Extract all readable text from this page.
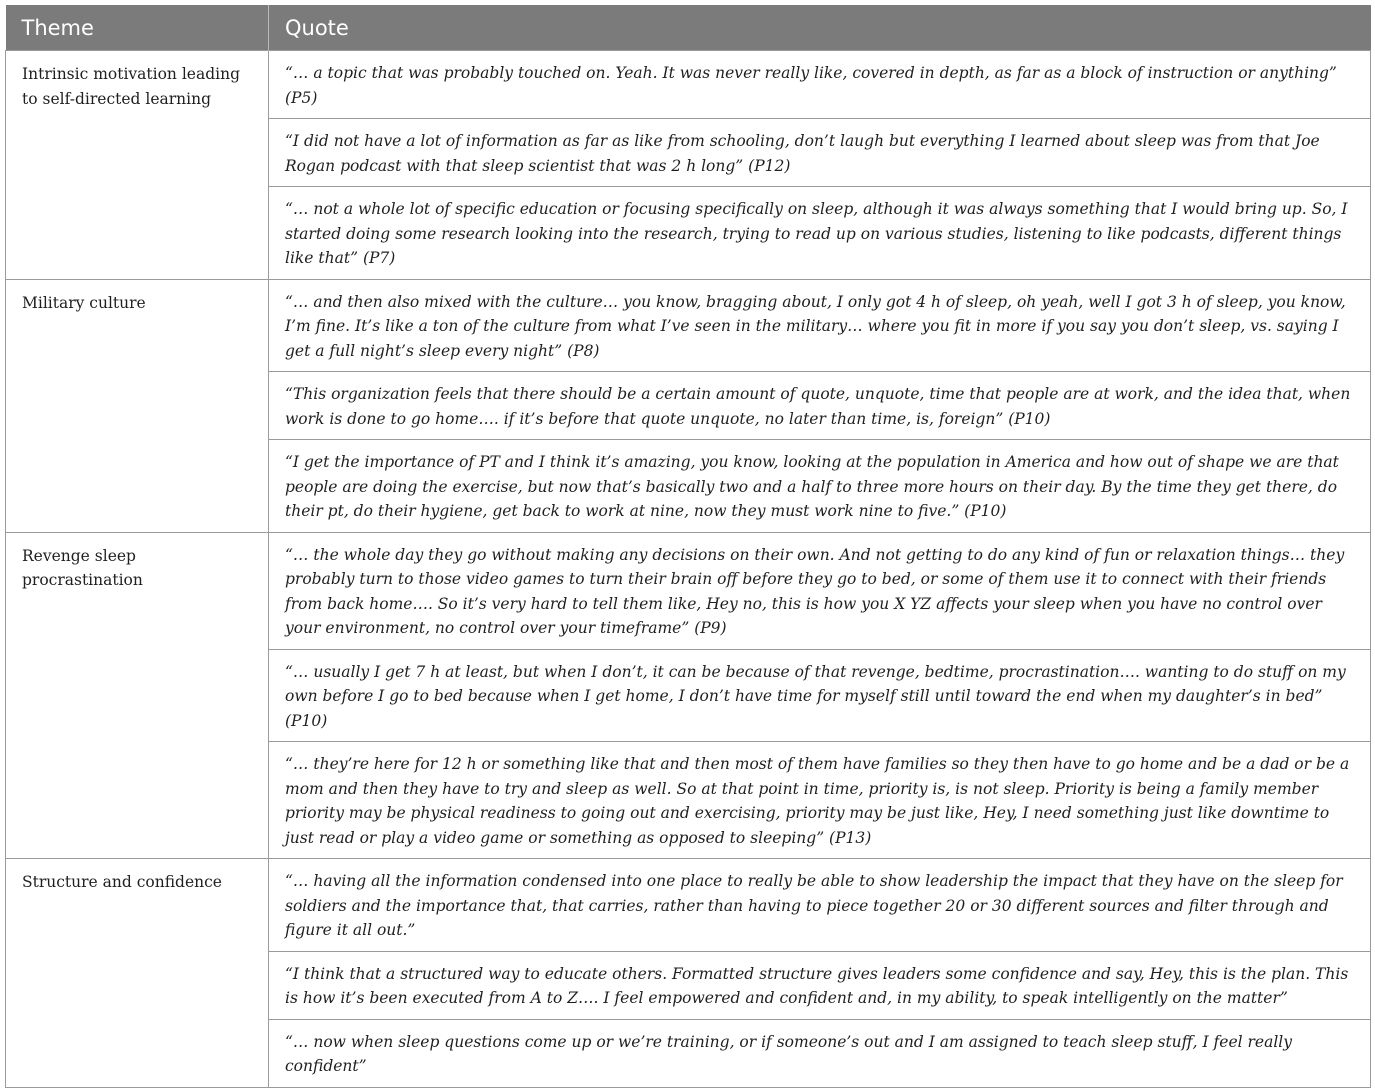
Theme	Quote
Intrinsic motivation leading to self-directed learning	“… a topic that was probably touched on. Yeah. It was never really like, covered in depth, as far as a block of instruction or anything” (P5)
	“I did not have a lot of information as far as like from schooling, don’t laugh but everything I learned about sleep was from that Joe Rogan podcast with that sleep scientist that was 2 h long” (P12)
	“… not a whole lot of specific education or focusing specifically on sleep, although it was always something that I would bring up. So, I started doing some research looking into the research, trying to read up on various studies, listening to like podcasts, different things like that” (P7)
Military culture	“… and then also mixed with the culture… you know, bragging about, I only got 4 h of sleep, oh yeah, well I got 3 h of sleep, you know, I’m fine. It’s like a ton of the culture from what I’ve seen in the military… where you fit in more if you say you don’t sleep, vs. saying I get a full night’s sleep every night” (P8)
	“This organization feels that there should be a certain amount of quote, unquote, time that people are at work, and the idea that, when work is done to go home…. if it’s before that quote unquote, no later than time, is, foreign” (P10)
	“I get the importance of PT and I think it’s amazing, you know, looking at the population in America and how out of shape we are that people are doing the exercise, but now that’s basically two and a half to three more hours on their day. By the time they get there, do their pt, do their hygiene, get back to work at nine, now they must work nine to five.” (P10)
Revenge sleep procrastination	“… the whole day they go without making any decisions on their own. And not getting to do any kind of fun or relaxation things… they probably turn to those video games to turn their brain off before they go to bed, or some of them use it to connect with their friends from back home…. So it’s very hard to tell them like, Hey no, this is how you X YZ affects your sleep when you have no control over your environment, no control over your timeframe” (P9)
	“… usually I get 7 h at least, but when I don’t, it can be because of that revenge, bedtime, procrastination…. wanting to do stuff on my own before I go to bed because when I get home, I don’t have time for myself still until toward the end when my daughter’s in bed” (P10)
	“… they’re here for 12 h or something like that and then most of them have families so they then have to go home and be a dad or be a mom and then they have to try and sleep as well. So at that point in time, priority is, is not sleep. Priority is being a family member priority may be physical readiness to going out and exercising, priority may be just like, Hey, I need something just like downtime to just read or play a video game or something as opposed to sleeping” (P13)
Structure and confidence	“… having all the information condensed into one place to really be able to show leadership the impact that they have on the sleep for soldiers and the importance that, that carries, rather than having to piece together 20 or 30 different sources and filter through and figure it all out.”
	“I think that a structured way to educate others. Formatted structure gives leaders some confidence and say, Hey, this is the plan. This is how it’s been executed from A to Z…. I feel empowered and confident and, in my ability, to speak intelligently on the matter”
	“… now when sleep questions come up or we’re training, or if someone’s out and I am assigned to teach sleep stuff, I feel really confident”
